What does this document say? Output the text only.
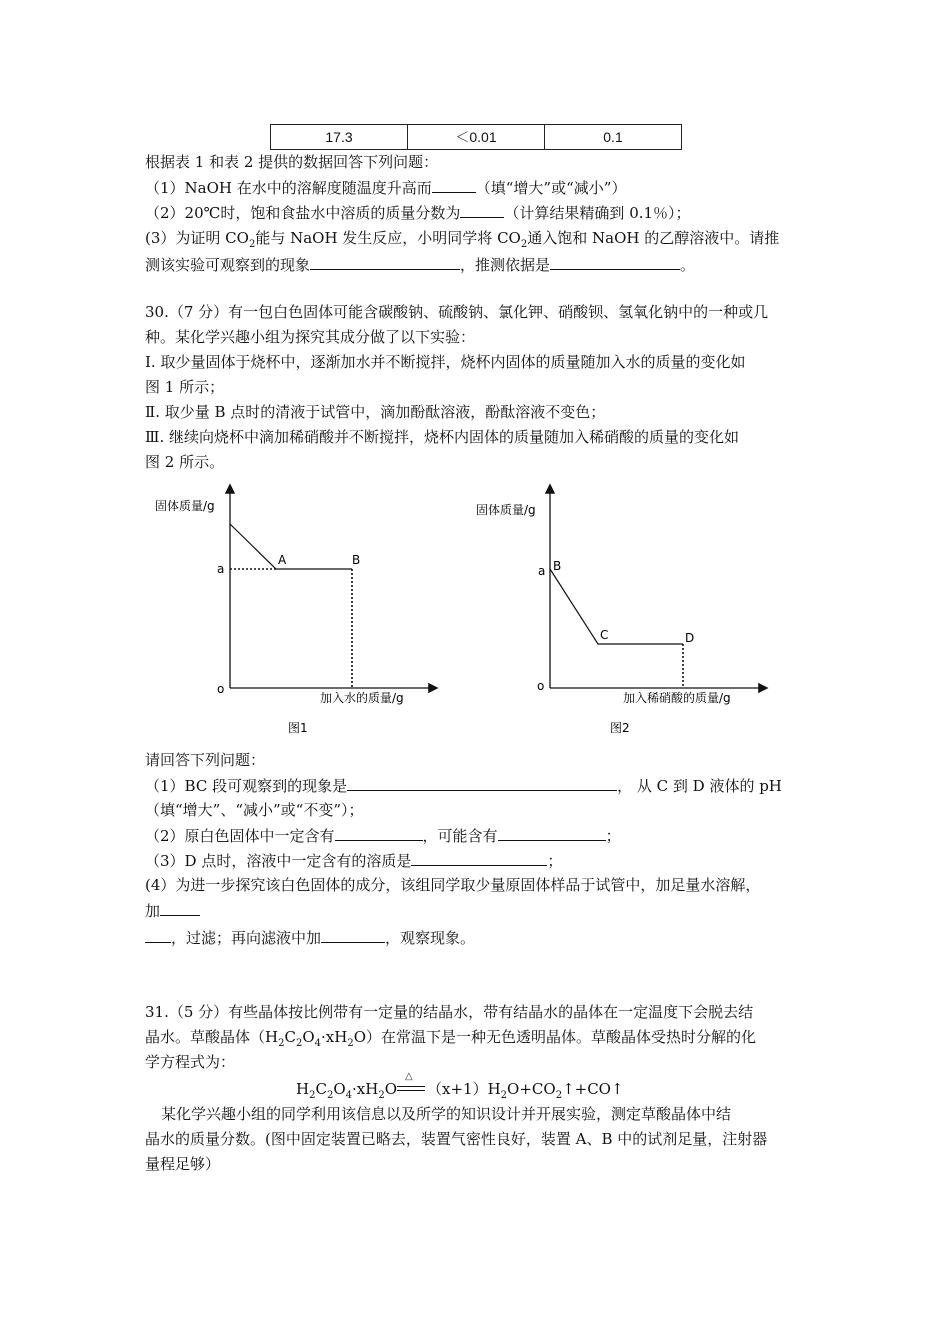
17.3	＜0.01	0.1
根据表 1 和表 2 提供的数据回答下列问题：
（1）NaOH 在水中的溶解度随温度升高而	（填“增大”或“减小”）
（2）20℃时，饱和食盐水中溶质的质量分数为	（计算结果精确到 0.1％）；
(3）为证明 $CO_2$能与 NaOH 发生反应，小明同学将 $CO_2$通入饱和 NaOH 的乙醇溶液中。请推
测该实验可观察到的现象	，推测依据是	。
30.（7 分）有一包白色固体可能含碳酸钠、硫酸钠、氯化钾、硝酸钡、氢氧化钠中的一种或几
种。某化学兴趣小组为探究其成分做了以下实验：
I. 取少量固体于烧杯中，逐渐加水并不断搅拌，烧杯内固体的质量随加入水的质量的变化如
图 1 所示；
Ⅱ. 取少量 B 点时的清液于试管中，滴加酚酞溶液，酚酞溶液不变色；
Ⅲ. 继续向烧杯中滴加稀硝酸并不断搅拌，烧杯内固体的质量随加入稀硝酸的质量的变化如
图 2 所示。
固体质量/g
加入水的质量/g
a
o
A	B
图1
固体质量/g
加入稀硝酸的质量/g
a
o
B
C	D
图2
请回答下列问题：
（1）BC 段可观察到的现象是	， 从 C 到 D 液体的 pH
（填“增大”、“减小”或“不变”）；
（2）原白色固体中一定含有	，可能含有	；
（3）D 点时，溶液中一定含有的溶质是	；
(4）为进一步探究该白色固体的成分，该组同学取少量原固体样品于试管中，加足量水溶解，
加
，过滤；再向滤液中加	，观察现象。
31.（5 分）有些晶体按比例带有一定量的结晶水，带有结晶水的晶体在一定温度下会脱去结
晶水。草酸晶体$(H_2C_2O_4\cdot xH_2O)$在常温下是一种无色透明晶体。草酸晶体受热时分解的化
学方程式为：
$H_2C_2O_4\cdot xH_2O$
△
$(x+1)H_2O+CO_2↑+CO↑$
某化学兴趣小组的同学利用该信息以及所学的知识设计并开展实验，测定草酸晶体中结
晶水的质量分数。(图中固定装置已略去，装置气密性良好，装置 A、B 中的试剂足量，注射器
量程足够）
